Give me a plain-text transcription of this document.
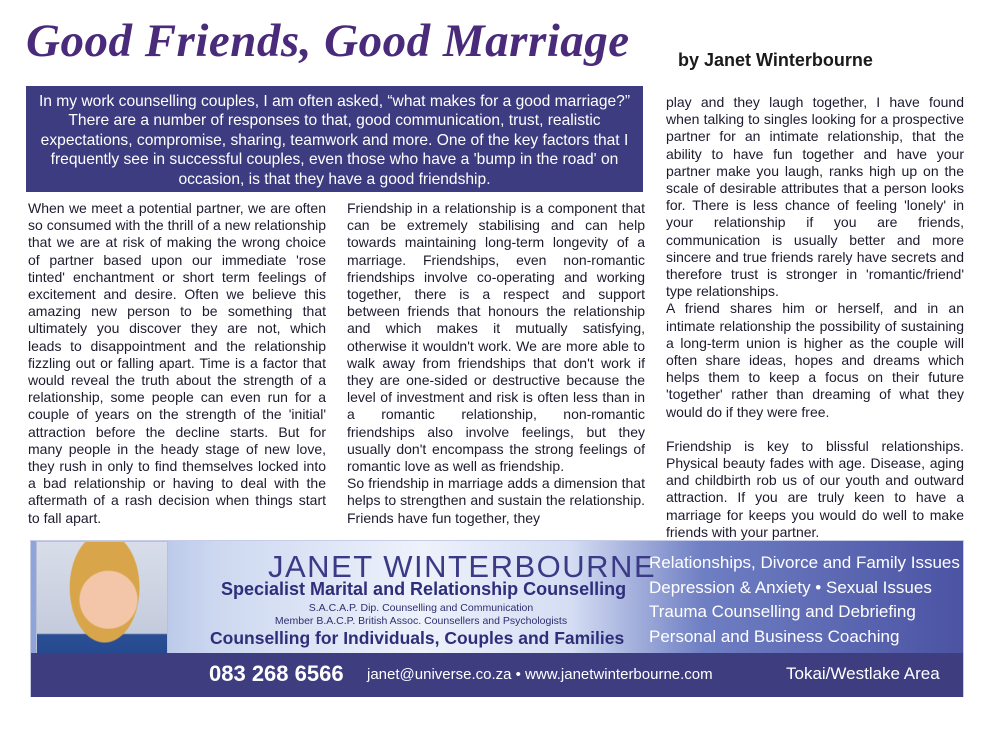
Good Friends, Good Marriage	by Janet Winterbourne
In my work counselling couples, I am often asked, “what makes for a good marriage?” There are a number of responses to that, good communication, trust, realistic expectations, compromise, sharing, teamwork and more. One of the key factors that I frequently see in successful couples, even those who have a 'bump in the road' on occasion, is that they have a good friendship.

When we meet a potential partner, we are often so consumed with the thrill of a new relationship that we are at risk of making the wrong choice of partner based upon our immediate 'rose tinted' enchantment or short term feelings of excitement and desire. Often we believe this amazing new person to be something that ultimately you discover they are not, which leads to disappointment and the relationship fizzling out or falling apart. Time is a factor that would reveal the truth about the strength of a relationship, some people can even run for a couple of years on the strength of the 'initial' attraction before the decline starts. But for many people in the heady stage of new love, they rush in only to find themselves locked into a bad relationship or having to deal with the aftermath of a rash decision when things start to fall apart.

Friendship in a relationship is a component that can be extremely stabilising and can help towards maintaining long-term longevity of a marriage. Friendships, even non-romantic friendships involve co-operating and working together, there is a respect and support between friends that honours the relationship and which makes it mutually satisfying, otherwise it wouldn't work. We are more able to walk away from friendships that don't work if they are one-sided or destructive because the level of investment and risk is often less than in a romantic relationship, non-romantic friendships also involve feelings, but they usually don't encompass the strong feelings of romantic love as well as friendship.

So friendship in marriage adds a dimension that helps to strengthen and sustain the relationship. Friends have fun together, they

play and they laugh together, I have found when talking to singles looking for a prospective partner for an intimate relationship, that the ability to have fun together and have your partner make you laugh, ranks high up on the scale of desirable attributes that a person looks for. There is less chance of feeling 'lonely' in your relationship if you are friends, communication is usually better and more sincere and true friends rarely have secrets and therefore trust is stronger in 'romantic/friend' type relationships.

A friend shares him or herself, and in an intimate relationship the possibility of sustaining a long-term union is higher as the couple will often share ideas, hopes and dreams which helps them to keep a focus on their future 'together' rather than dreaming of what they would do if they were free.

Friendship is key to blissful relationships. Physical beauty fades with age. Disease, aging and childbirth rob us of our youth and outward attraction. If you are truly keen to have a marriage for keeps you would do well to make friends with your partner.

JANET WINTERBOURNE
Specialist Marital and Relationship Counselling
S.A.C.A.P. Dip. Counselling and Communication
Member B.A.C.P. British Assoc. Counsellers and Psychologists
Counselling for Individuals, Couples and Families
Relationships, Divorce and Family Issues
Depression & Anxiety • Sexual Issues
Trauma Counselling and Debriefing
Personal and Business Coaching
083 268 6566 janet@universe.co.za • www.janetwinterbourne.com	Tokai/Westlake Area
